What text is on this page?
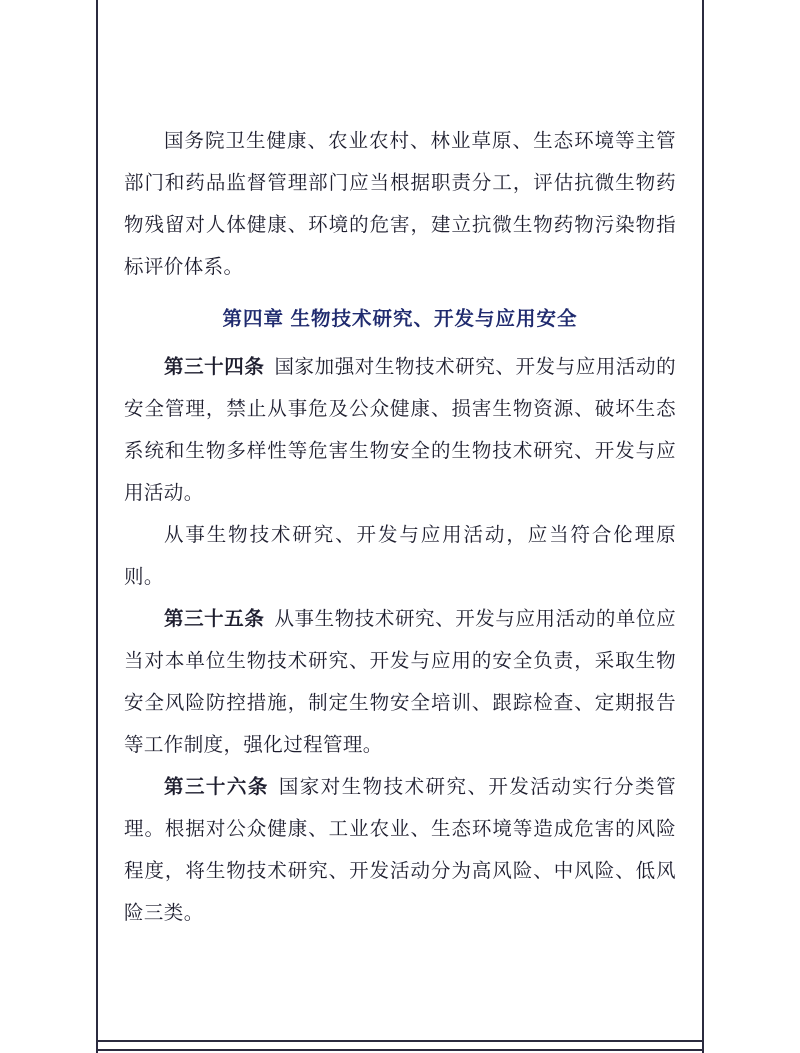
国务院卫生健康、农业农村、林业草原、生态环境等主管部门和药品监督管理部门应当根据职责分工，评估抗微生物药物残留对人体健康、环境的危害，建立抗微生物药物污染物指标评价体系。

第四章 生物技术研究、开发与应用安全

第三十四条 国家加强对生物技术研究、开发与应用活动的安全管理，禁止从事危及公众健康、损害生物资源、破坏生态系统和生物多样性等危害生物安全的生物技术研究、开发与应用活动。

从事生物技术研究、开发与应用活动，应当符合伦理原则。

第三十五条 从事生物技术研究、开发与应用活动的单位应当对本单位生物技术研究、开发与应用的安全负责，采取生物安全风险防控措施，制定生物安全培训、跟踪检查、定期报告等工作制度，强化过程管理。

第三十六条 国家对生物技术研究、开发活动实行分类管理。根据对公众健康、工业农业、生态环境等造成危害的风险程度，将生物技术研究、开发活动分为高风险、中风险、低风险三类。
